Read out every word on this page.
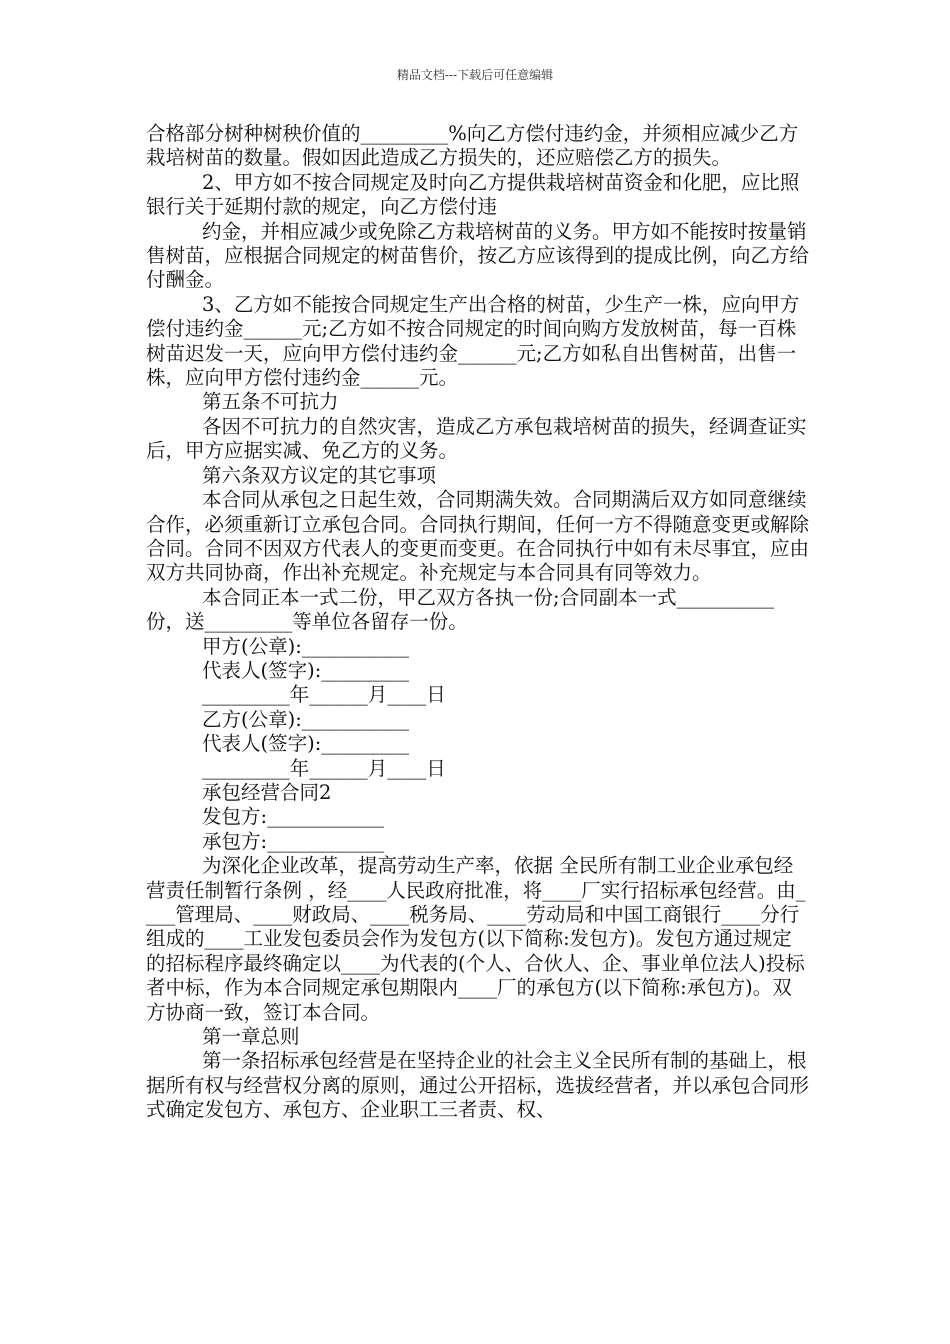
精品文档---下载后可任意编辑

合格部分树种树秧价值的_________%向乙方偿付违约金，并须相应减少乙方栽培树苗的数量。假如因此造成乙方损失的，还应赔偿乙方的损失。

2、甲方如不按合同规定及时向乙方提供栽培树苗资金和化肥，应比照银行关于延期付款的规定，向乙方偿付违

约金，并相应减少或免除乙方栽培树苗的义务。甲方如不能按时按量销售树苗，应根据合同规定的树苗售价，按乙方应该得到的提成比例，向乙方给付酬金。

3、乙方如不能按合同规定生产出合格的树苗，少生产一株，应向甲方偿付违约金______元;乙方如不按合同规定的时间向购方发放树苗，每一百株树苗迟发一天，应向甲方偿付违约金______元;乙方如私自出售树苗，出售一株，应向甲方偿付违约金______元。

第五条不可抗力

各因不可抗力的自然灾害，造成乙方承包栽培树苗的损失，经调查证实后，甲方应据实减、免乙方的义务。

第六条双方议定的其它事项

本合同从承包之日起生效，合同期满失效。合同期满后双方如同意继续合作，必须重新订立承包合同。合同执行期间，任何一方不得随意变更或解除合同。合同不因双方代表人的变更而变更。在合同执行中如有未尽事宜，应由双方共同协商，作出补充规定。补充规定与本合同具有同等效力。

本合同正本一式二份，甲乙双方各执一份;合同副本一式__________份，送_________等单位各留存一份。

甲方(公章):___________

代表人(签字):_________

_________年______月____日

乙方(公章):___________

代表人(签字):_________

_________年______月____日

承包经营合同2

发包方:____________

承包方:____________

为深化企业改革，提高劳动生产率，依据 全民所有制工业企业承包经营责任制暂行条例 ，经____人民政府批准，将____厂实行招标承包经营。由____管理局、____财政局、____税务局、____劳动局和中国工商银行____分行组成的____工业发包委员会作为发包方(以下简称:发包方)。发包方通过规定的招标程序最终确定以____为代表的(个人、合伙人、企、事业单位法人)投标者中标，作为本合同规定承包期限内____厂的承包方(以下简称:承包方)。双方协商一致，签订本合同。

第一章总则

第一条招标承包经营是在坚持企业的社会主义全民所有制的基础上，根据所有权与经营权分离的原则，通过公开招标，选拔经营者，并以承包合同形式确定发包方、承包方、企业职工三者责、权、
